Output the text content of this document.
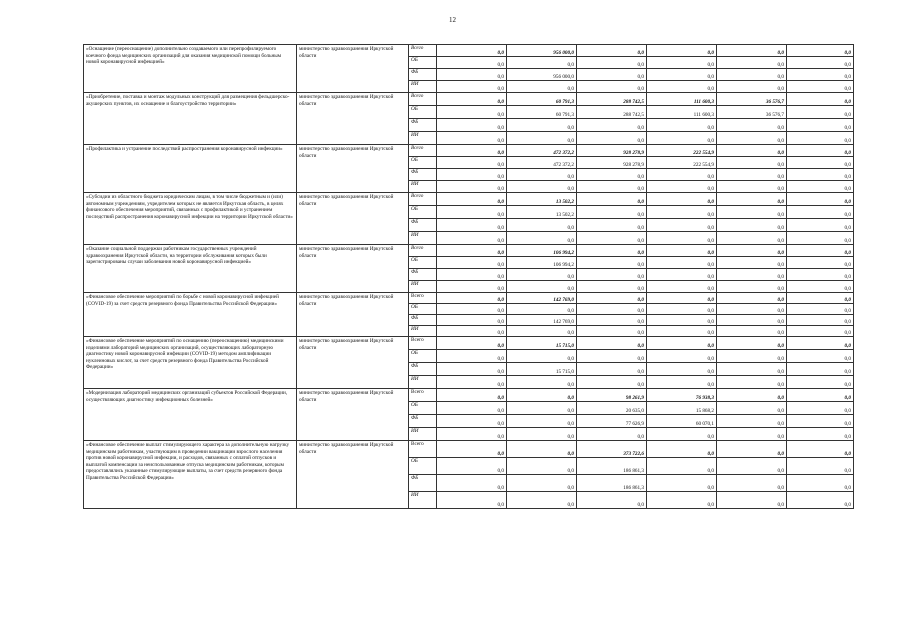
12
«Оснащение (переоснащение) дополнительно создаваемого или перепрофилируемого коечного фонда медицинских организаций для оказания медицинской помощи больным новой коронавирусной инфекцией»	министерство здравоохранения Иркутской области	Всего	0,0	956 000,0	0,0	0,0	0,0	0,0
		ОБ	0,0	0,0	0,0	0,0	0,0	0,0
		ФБ	0,0	956 000,0	0,0	0,0	0,0	0,0
		ИИ	0,0	0,0	0,0	0,0	0,0	0,0
«Приобретение, поставка и монтаж модульных конструкций для размещения фельдшерско-акушерских пунктов, их оснащение и благоустройство территории»	министерство здравоохранения Иркутской области	Всего	0,0	60 791,3	288 742,5	111 600,3	36 576,7	0,0
		ОБ	0,0	60 791,3	288 742,5	111 600,3	36 576,7	0,0
		ФБ	0,0	0,0	0,0	0,0	0,0	0,0
		ИИ	0,0	0,0	0,0	0,0	0,0	0,0
«Профилактика и устранение последствий распространения коронавирусной инфекции»	министерство здравоохранения Иркутской области	Всего	0,0	472 372,2	928 278,9	222 554,9	0,0	0,0
		ОБ	0,0	472 372,2	928 278,9	222 554,9	0,0	0,0
		ФБ	0,0	0,0	0,0	0,0	0,0	0,0
		ИИ	0,0	0,0	0,0	0,0	0,0	0,0
«Субсидии из областного бюджета юридическим лицам, в том числе бюджетным и (или) автономным учреждениям, учредителем которых не является Иркутская область, в целях финансового обеспечения мероприятий, связанных с профилактикой и устранением последствий распространения коронавирусной инфекции на территории Иркутской области»	министерство здравоохранения Иркутской области	Всего	0,0	13 502,2	0,0	0,0	0,0	0,0
		ОБ	0,0	13 502,2	0,0	0,0	0,0	0,0
		ФБ	0,0	0,0	0,0	0,0	0,0	0,0
		ИИ	0,0	0,0	0,0	0,0	0,0	0,0
«Оказание социальной поддержки работникам государственных учреждений здравоохранения Иркутской области, на территории обслуживания которых были зарегистрированы случаи заболевания новой коронавирусной инфекцией»	министерство здравоохранения Иркутской области	Всего	0,0	106 994,2	0,0	0,0	0,0	0,0
		ОБ	0,0	106 994,2	0,0	0,0	0,0	0,0
		ФБ	0,0	0,0	0,0	0,0	0,0	0,0
		ИИ	0,0	0,0	0,0	0,0	0,0	0,0
«Финансовое обеспечение мероприятий по борьбе с новой коронавирусной инфекцией (COVID-19) за счет средств резервного фонда Правительства Российской Федерации»	министерство здравоохранения Иркутской области	Всего	0,0	142 769,0	0,0	0,0	0,0	0,0
		ОБ	0,0	0,0	0,0	0,0	0,0	0,0
		ФБ	0,0	142 769,0	0,0	0,0	0,0	0,0
		ИИ	0,0	0,0	0,0	0,0	0,0	0,0
«Финансовое обеспечение мероприятий по оснащению (переоснащению) медицинскими изделиями лабораторий медицинских организаций, осуществляющих лабораторную диагностику новой коронавирусной инфекции (COVID-19) методом амплификации нуклеиновых кислот, за счет средств резервного фонда Правительства Российской Федерации»	министерство здравоохранения Иркутской области	Всего	0,0	15 715,0	0,0	0,0	0,0	0,0
		ОБ	0,0	0,0	0,0	0,0	0,0	0,0
		ФБ	0,0	15 715,0	0,0	0,0	0,0	0,0
		ИИ	0,0	0,0	0,0	0,0	0,0	0,0
«Модернизация лабораторий медицинских организаций субъектов Российской Федерации, осуществляющих диагностику инфекционных болезней»	министерство здравоохранения Иркутской области	Всего	0,0	0,0	98 261,9	76 938,3	0,0	0,0
		ОБ	0,0	0,0	20 635,0	15 868,2	0,0	0,0
		ФБ	0,0	0,0	77 626,9	60 070,1	0,0	0,0
		ИИ	0,0	0,0	0,0	0,0	0,0	0,0
«Финансовое обеспечение выплат стимулирующего характера за дополнительную нагрузку медицинским работникам, участвующим в проведении вакцинации взрослого населения против новой коронавирусной инфекции, и расходов, связанных с оплатой отпусков и выплатой компенсации за неиспользованные отпуска медицинским работникам, которым предоставлялись указанные стимулирующие выплаты, за счет средств резервного фонда Правительства Российской Федерации»	министерство здравоохранения Иркутской области	Всего	0,0	0,0	373 722,6	0,0	0,0	0,0
		ОБ	0,0	0,0	186 861,3	0,0	0,0	0,0
		ФБ	0,0	0,0	186 861,3	0,0	0,0	0,0
		ИИ	0,0	0,0	0,0	0,0	0,0	0,0
